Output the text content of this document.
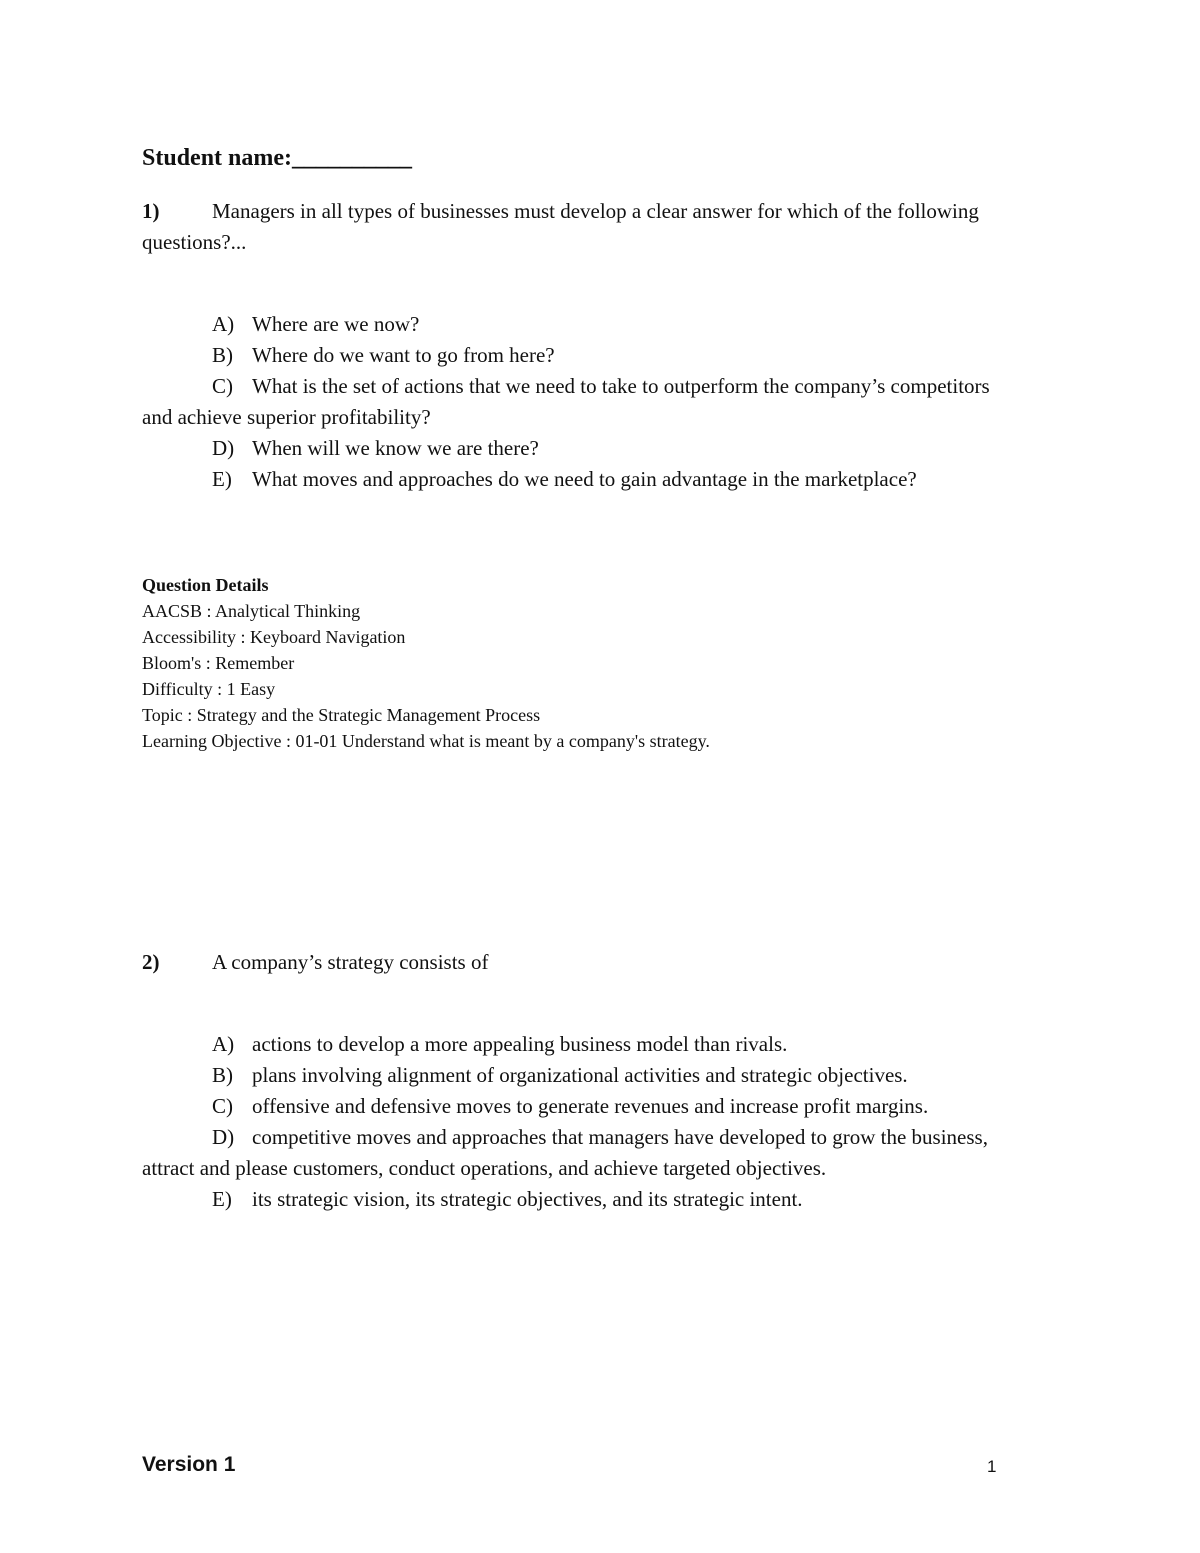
Student name:__________

1)	Managers in all types of businesses must develop a clear answer for which of the following questions?...

A) Where are we now?

B) Where do we want to go from here?

C) What is the set of actions that we need to take to outperform the company’s competitors and achieve superior profitability?

D) When will we know we are there?

E) What moves and approaches do we need to gain advantage in the marketplace?

Question Details
AACSB : Analytical Thinking
Accessibility : Keyboard Navigation
Bloom's : Remember
Difficulty : 1 Easy
Topic : Strategy and the Strategic Management Process
Learning Objective : 01-01 Understand what is meant by a company's strategy.

2)	A company’s strategy consists of

A) actions to develop a more appealing business model than rivals.

B) plans involving alignment of organizational activities and strategic objectives.

C) offensive and defensive moves to generate revenues and increase profit margins.

D) competitive moves and approaches that managers have developed to grow the business, attract and please customers, conduct operations, and achieve targeted objectives.

E) its strategic vision, its strategic objectives, and its strategic intent.

Version 1	1
